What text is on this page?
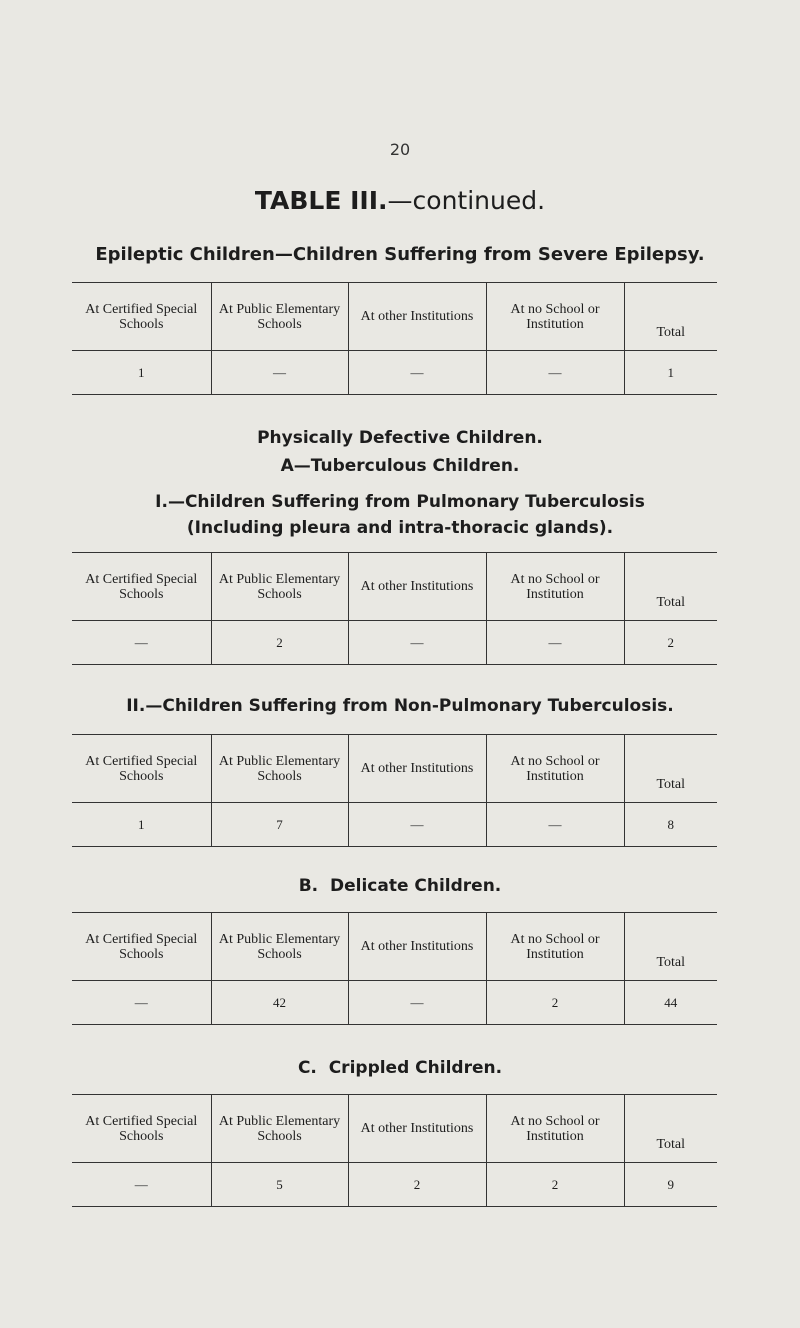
20
TABLE III.—continued.
Epileptic Children—Children Suffering from Severe Epilepsy.
At Certified Special Schools	At Public Elementary Schools	At other Institutions	At no School or Institution	Total
1	—	—	—	1
Physically Defective Children.
A—Tuberculous Children.
I.—Children Suffering from Pulmonary Tuberculosis
(Including pleura and intra-thoracic glands).
At Certified Special Schools	At Public Elementary Schools	At other Institutions	At no School or Institution	Total
—	2	—	—	2
II.—Children Suffering from Non-Pulmonary Tuberculosis.
At Certified Special Schools	At Public Elementary Schools	At other Institutions	At no School or Institution	Total
1	7	—	—	8
B.  Delicate Children.
At Certified Special Schools	At Public Elementary Schools	At other Institutions	At no School or Institution	Total
—	42	—	2	44
C.  Crippled Children.
At Certified Special Schools	At Public Elementary Schools	At other Institutions	At no School or Institution	Total
—	5	2	2	9
